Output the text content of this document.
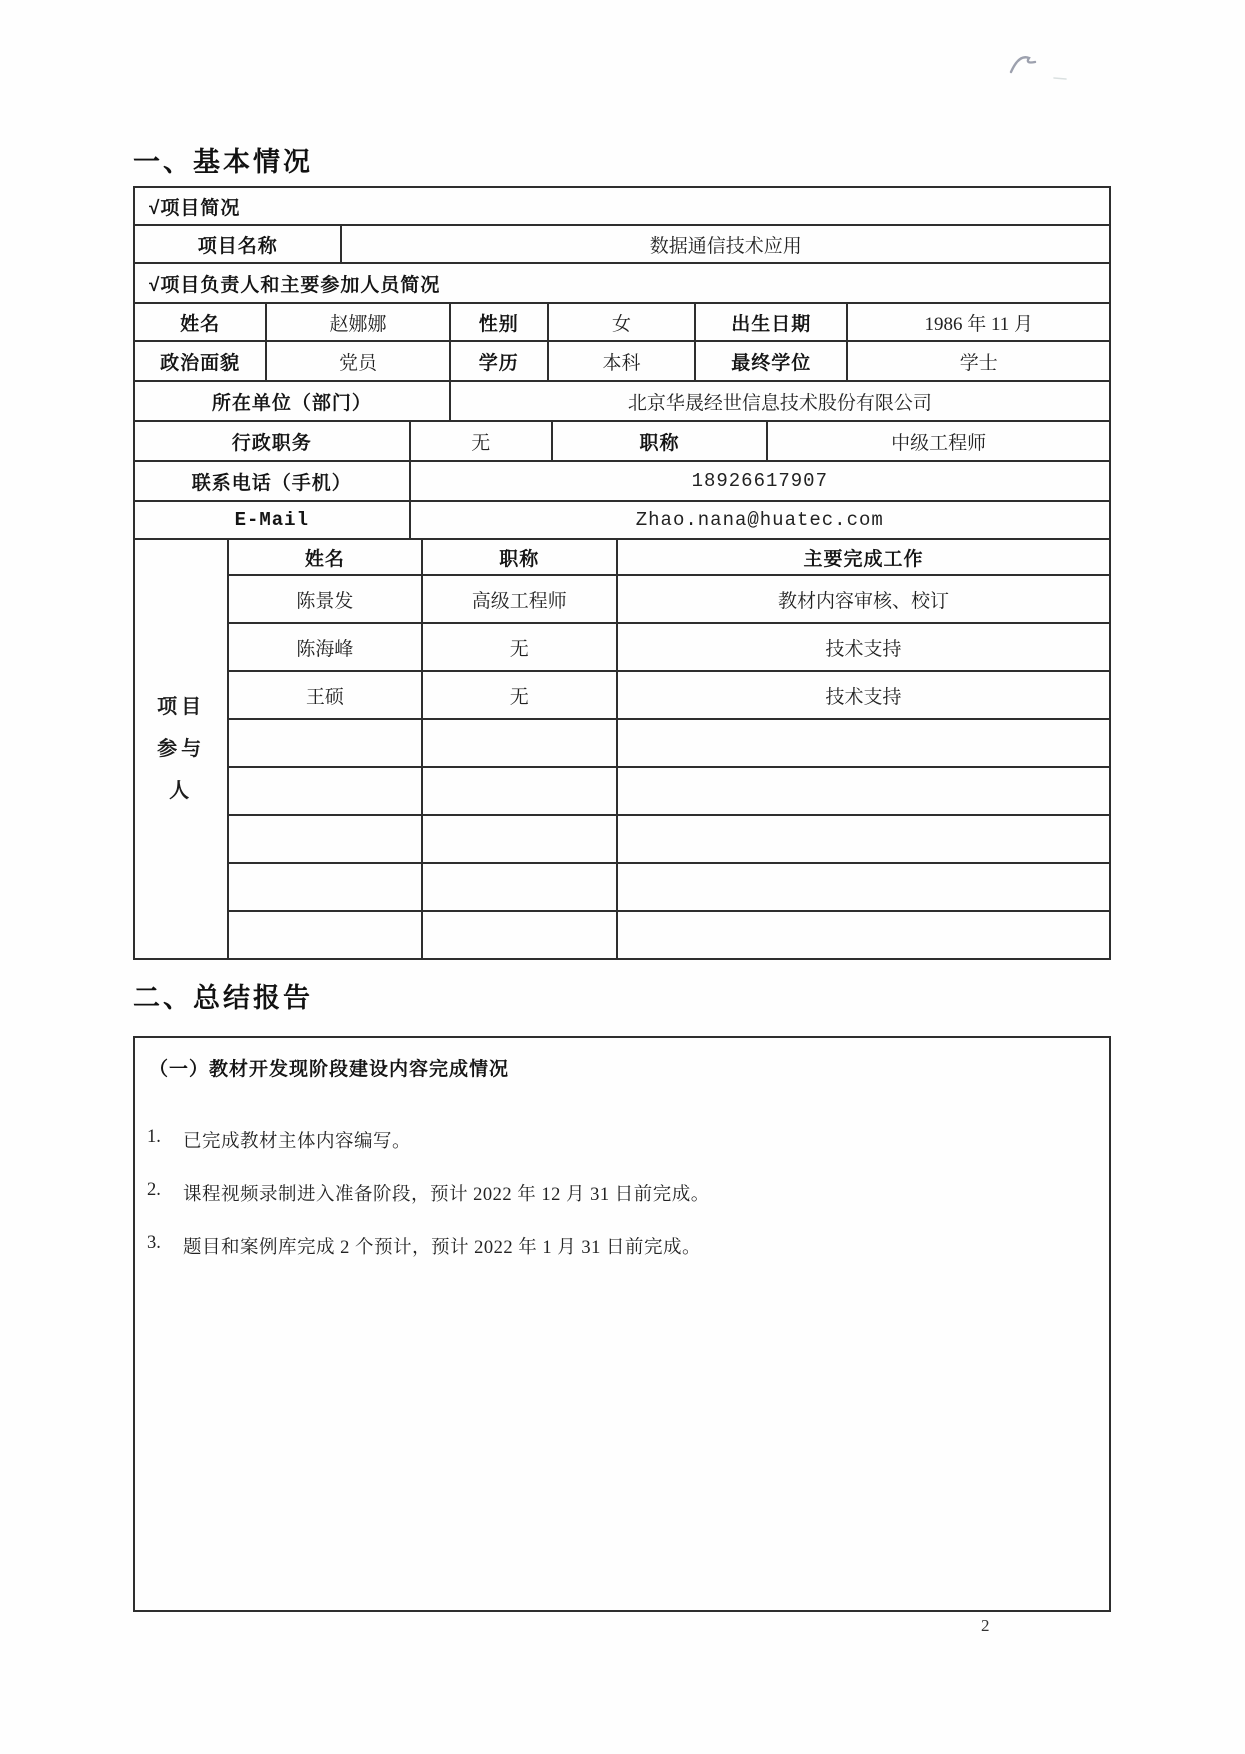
一、基本情况
√项目简况
项目名称	数据通信技术应用
√项目负责人和主要参加人员简况
姓名	赵娜娜	性别	女	出生日期	1986 年 11 月
政治面貌	党员	学历	本科	最终学位	学士
所在单位（部门）	北京华晟经世信息技术股份有限公司
行政职务	无	职称	中级工程师
联系电话（手机）	18926617907
E-Mail	Zhao.nana@huatec.com
项目参与人	姓名	职称	主要完成工作
	陈景发	高级工程师	教材内容审核、校订
	陈海峰	无	技术支持
	王硕	无	技术支持

二、总结报告
（一）教材开发现阶段建设内容完成情况
1.	已完成教材主体内容编写。
2.	课程视频录制进入准备阶段，预计 2022 年 12 月 31 日前完成。
3.	题目和案例库完成 2 个预计，预计 2022 年 1 月 31 日前完成。
2
